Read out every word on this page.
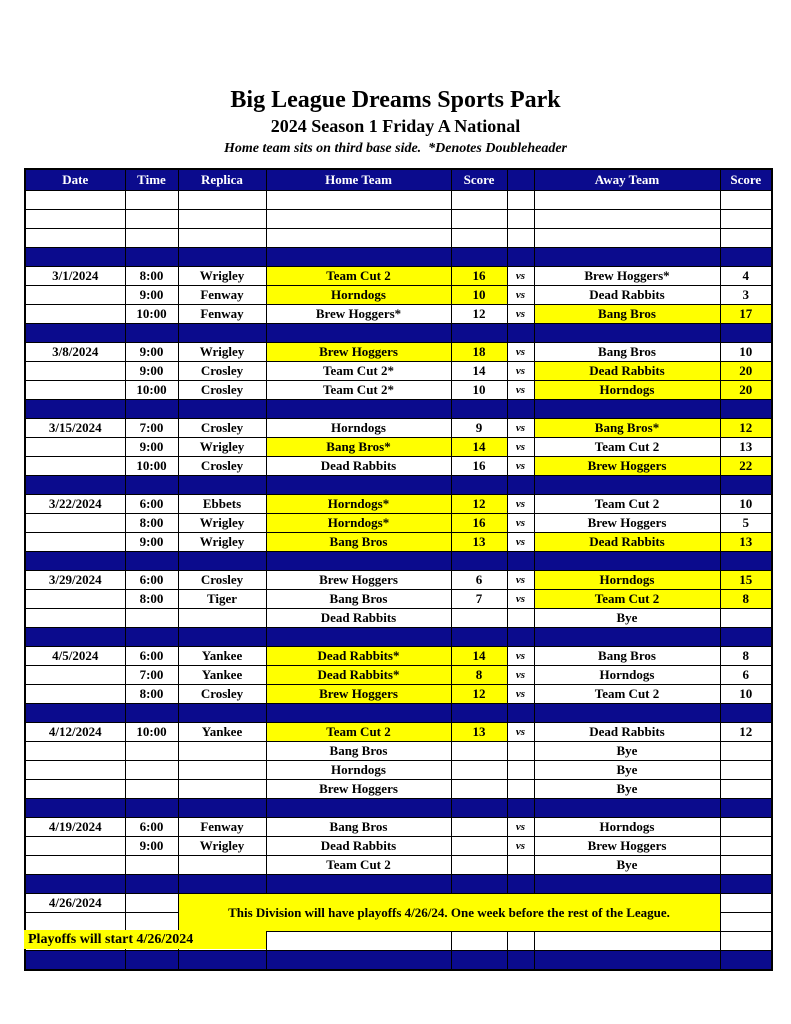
Big League Dreams Sports Park
2024 Season 1 Friday A National
Home team sits on third base side.  *Denotes Doubleheader
Date	Time	Replica	Home Team	Score		Away Team	Score

3/1/2024	8:00	Wrigley	Team Cut 2	16	vs	Brew Hoggers*	4
	9:00	Fenway	Horndogs	10	vs	Dead Rabbits	3
	10:00	Fenway	Brew Hoggers*	12	vs	Bang Bros	17

3/8/2024	9:00	Wrigley	Brew Hoggers	18	vs	Bang Bros	10
	9:00	Crosley	Team Cut 2*	14	vs	Dead Rabbits	20
	10:00	Crosley	Team Cut 2*	10	vs	Horndogs	20

3/15/2024	7:00	Crosley	Horndogs	9	vs	Bang Bros*	12
	9:00	Wrigley	Bang Bros*	14	vs	Team Cut 2	13
	10:00	Crosley	Dead Rabbits	16	vs	Brew Hoggers	22

3/22/2024	6:00	Ebbets	Horndogs*	12	vs	Team Cut 2	10
	8:00	Wrigley	Horndogs*	16	vs	Brew Hoggers	5
	9:00	Wrigley	Bang Bros	13	vs	Dead Rabbits	13

3/29/2024	6:00	Crosley	Brew Hoggers	6	vs	Horndogs	15
	8:00	Tiger	Bang Bros	7	vs	Team Cut 2	8
			Dead Rabbits			Bye	

4/5/2024	6:00	Yankee	Dead Rabbits*	14	vs	Bang Bros	8
	7:00	Yankee	Dead Rabbits*	8	vs	Horndogs	6
	8:00	Crosley	Brew Hoggers	12	vs	Team Cut 2	10

4/12/2024	10:00	Yankee	Team Cut 2	13	vs	Dead Rabbits	12
			Bang Bros			Bye	
			Horndogs			Bye	
			Brew Hoggers			Bye	

4/19/2024	6:00	Fenway	Bang Bros		vs	Horndogs	
	9:00	Wrigley	Dead Rabbits		vs	Brew Hoggers	
			Team Cut 2			Bye	

4/26/2024		This Division will have playoffs 4/26/24. One week before the rest of the League.					

Playoffs will start 4/26/2024
